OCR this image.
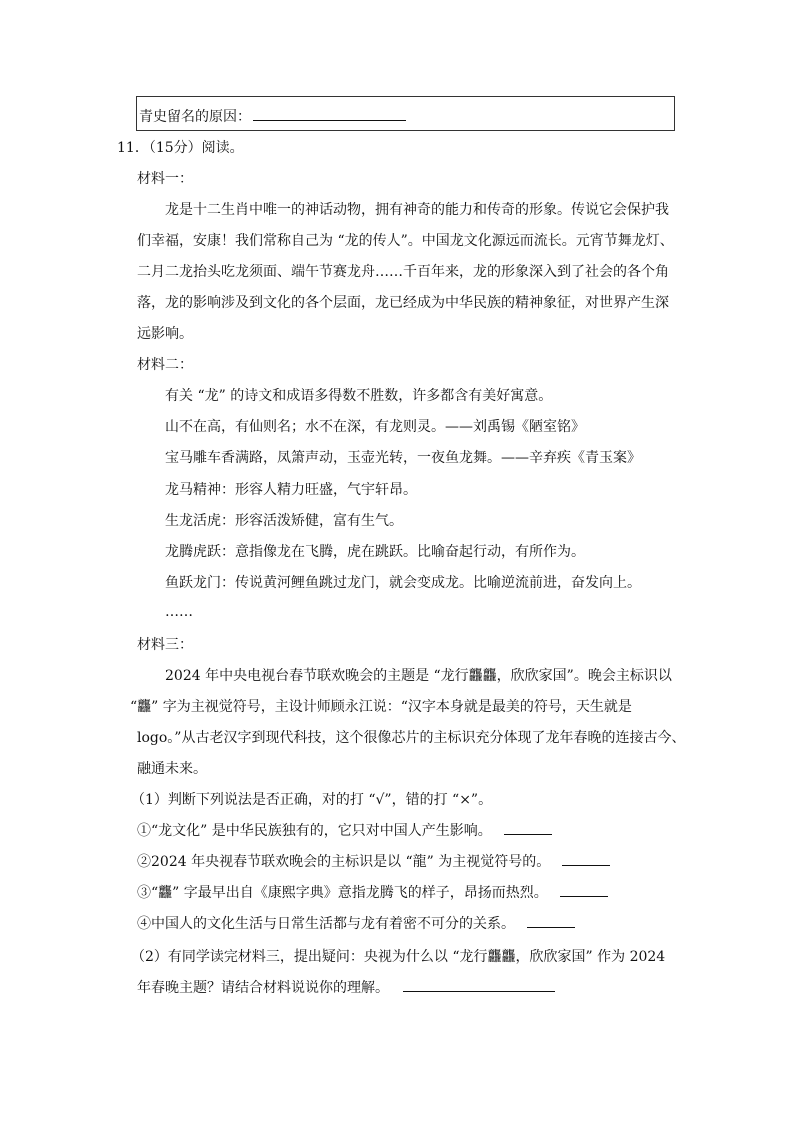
青史留名的原因：
11．（15分）阅读。
材料一：
龙是十二生肖中唯一的神话动物，拥有神奇的能力和传奇的形象。传说它会保护我
们幸福，安康！我们常称自己为 “龙的传人”。中国龙文化源远而流长。元宵节舞龙灯、
二月二龙抬头吃龙须面、端午节赛龙舟……千百年来，龙的形象深入到了社会的各个角
落，龙的影响涉及到文化的各个层面，龙已经成为中华民族的精神象征，对世界产生深
远影响。
材料二：
有关 “龙” 的诗文和成语多得数不胜数，许多都含有美好寓意。
山不在高，有仙则名；水不在深，有龙则灵。——刘禹锡《陋室铭》
宝马雕车香满路，凤箫声动，玉壶光转，一夜鱼龙舞。——辛弃疾《青玉案》
龙马精神：形容人精力旺盛，气宇轩昂。
生龙活虎：形容活泼矫健，富有生气。
龙腾虎跃：意指像龙在飞腾，虎在跳跃。比喻奋起行动，有所作为。
鱼跃龙门：传说黄河鲤鱼跳过龙门，就会变成龙。比喻逆流前进，奋发向上。
……
材料三：
2024 年中央电视台春节联欢晚会的主题是 “龙行龘龘，欣欣家国”。晚会主标识以
“龘” 字为主视觉符号，主设计师顾永江说：“汉字本身就是最美的符号，天生就是
logo。”从古老汉字到现代科技，这个很像芯片的主标识充分体现了龙年春晚的连接古今、
融通未来。
（1）判断下列说法是否正确，对的打 “√”，错的打 “×”。
①“龙文化” 是中华民族独有的，它只对中国人产生影响。
②2024 年央视春节联欢晚会的主标识是以 “龍” 为主视觉符号的。
③“龘” 字最早出自《康熙字典》意指龙腾飞的样子，昂扬而热烈。
④中国人的文化生活与日常生活都与龙有着密不可分的关系。
（2）有同学读完材料三，提出疑问：央视为什么以 “龙行龘龘，欣欣家国” 作为 2024
年春晚主题？请结合材料说说你的理解。
